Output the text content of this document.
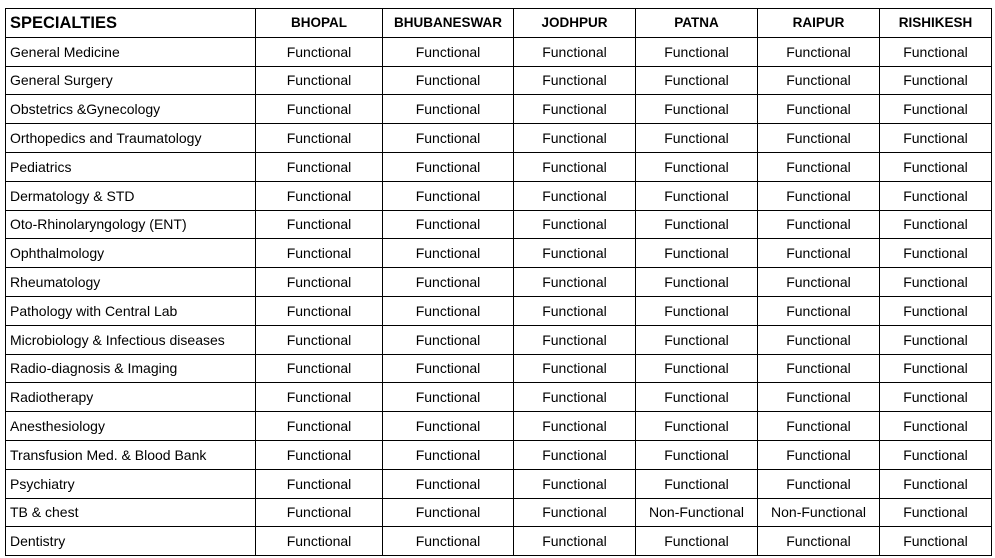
SPECIALTIES	BHOPAL	BHUBANESWAR	JODHPUR	PATNA	RAIPUR	RISHIKESH
General Medicine	Functional	Functional	Functional	Functional	Functional	Functional
General Surgery	Functional	Functional	Functional	Functional	Functional	Functional
Obstetrics &Gynecology	Functional	Functional	Functional	Functional	Functional	Functional
Orthopedics and Traumatology	Functional	Functional	Functional	Functional	Functional	Functional
Pediatrics	Functional	Functional	Functional	Functional	Functional	Functional
Dermatology & STD	Functional	Functional	Functional	Functional	Functional	Functional
Oto-Rhinolaryngology (ENT)	Functional	Functional	Functional	Functional	Functional	Functional
Ophthalmology	Functional	Functional	Functional	Functional	Functional	Functional
Rheumatology	Functional	Functional	Functional	Functional	Functional	Functional
Pathology with Central Lab	Functional	Functional	Functional	Functional	Functional	Functional
Microbiology & Infectious diseases	Functional	Functional	Functional	Functional	Functional	Functional
Radio-diagnosis & Imaging	Functional	Functional	Functional	Functional	Functional	Functional
Radiotherapy	Functional	Functional	Functional	Functional	Functional	Functional
Anesthesiology	Functional	Functional	Functional	Functional	Functional	Functional
Transfusion Med. & Blood Bank	Functional	Functional	Functional	Functional	Functional	Functional
Psychiatry	Functional	Functional	Functional	Functional	Functional	Functional
TB & chest	Functional	Functional	Functional	Non-Functional	Non-Functional	Functional
Dentistry	Functional	Functional	Functional	Functional	Functional	Functional
